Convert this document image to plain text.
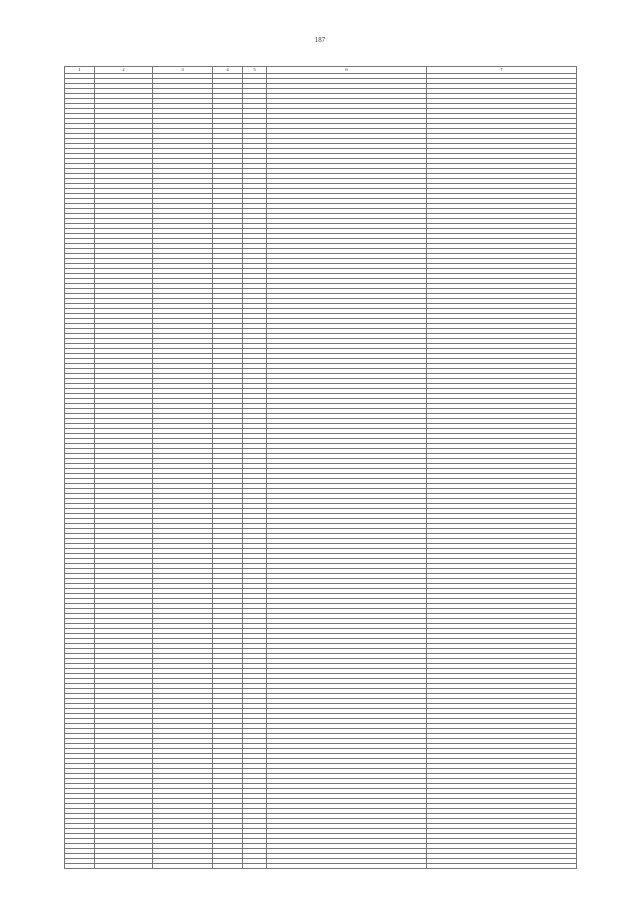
187
1	2	3	4	5	6	7
